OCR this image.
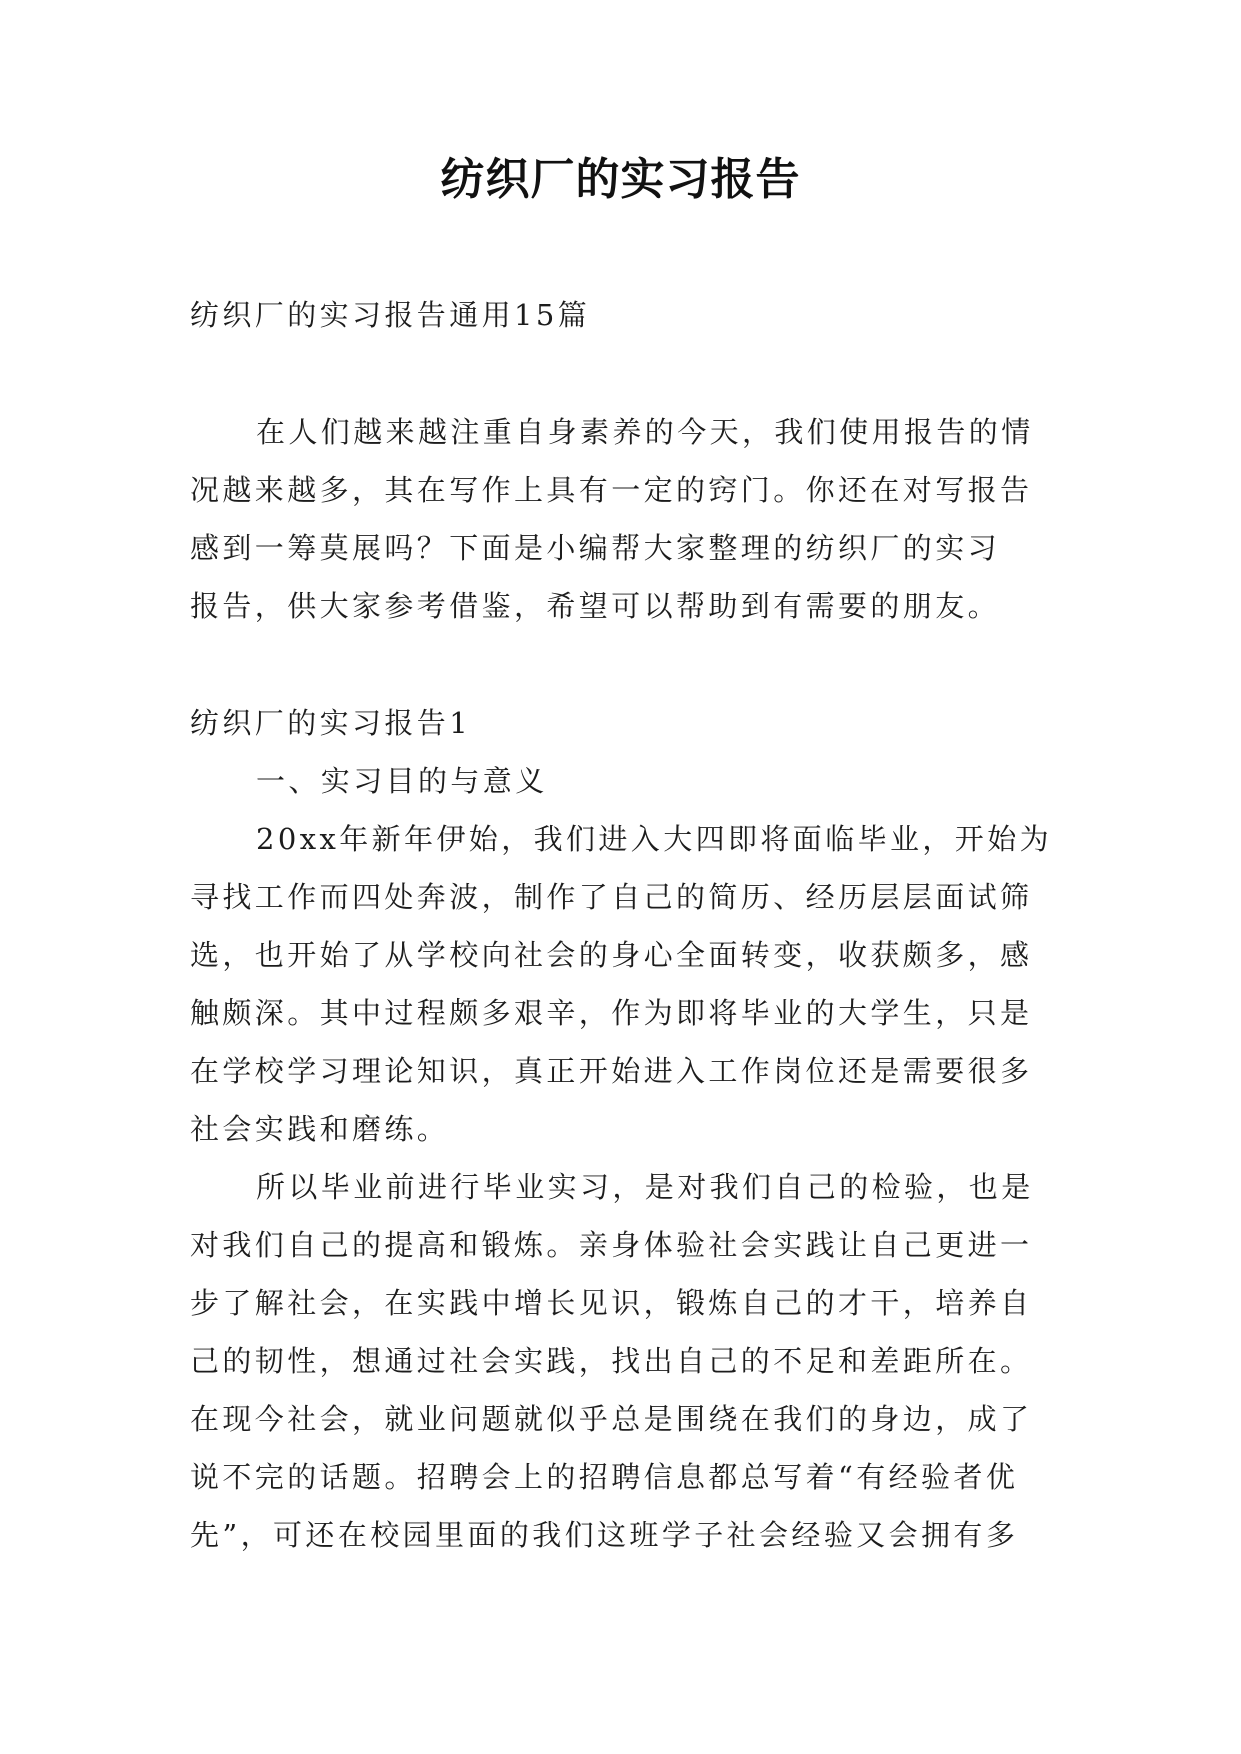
纺织厂的实习报告
纺织厂的实习报告通用15篇
在人们越来越注重自身素养的今天，我们使用报告的情
况越来越多，其在写作上具有一定的窍门。你还在对写报告
感到一筹莫展吗？下面是小编帮大家整理的纺织厂的实习
报告，供大家参考借鉴，希望可以帮助到有需要的朋友。
纺织厂的实习报告1
一、实习目的与意义
20xx年新年伊始，我们进入大四即将面临毕业，开始为
寻找工作而四处奔波，制作了自己的简历、经历层层面试筛
选，也开始了从学校向社会的身心全面转变，收获颇多，感
触颇深。其中过程颇多艰辛，作为即将毕业的大学生，只是
在学校学习理论知识，真正开始进入工作岗位还是需要很多
社会实践和磨练。
所以毕业前进行毕业实习，是对我们自己的检验，也是
对我们自己的提高和锻炼。亲身体验社会实践让自己更进一
步了解社会，在实践中增长见识，锻炼自己的才干，培养自
己的韧性，想通过社会实践，找出自己的不足和差距所在。
在现今社会，就业问题就似乎总是围绕在我们的身边，成了
说不完的话题。招聘会上的招聘信息都总写着“有经验者优
先”，可还在校园里面的我们这班学子社会经验又会拥有多
